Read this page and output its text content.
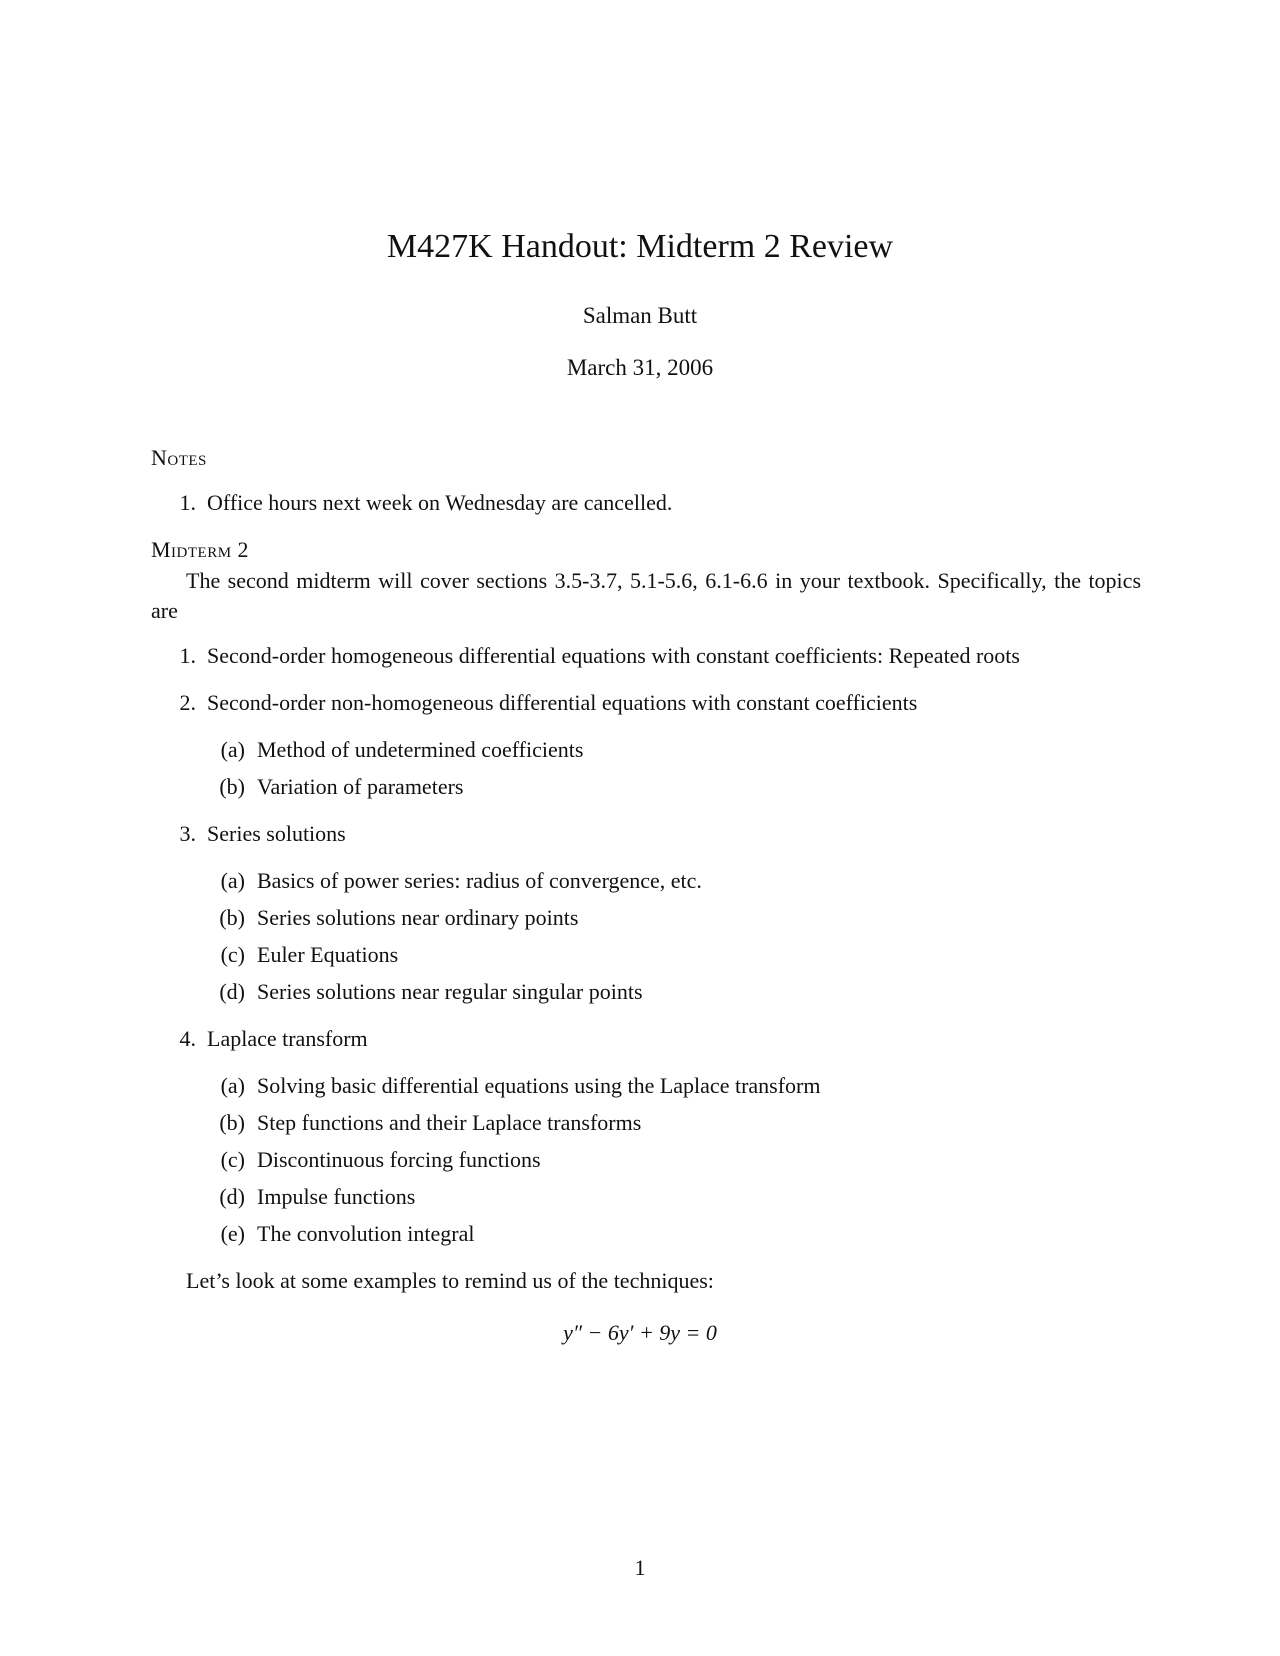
M427K Handout: Midterm 2 Review
Salman Butt
March 31, 2006
Notes
1. Office hours next week on Wednesday are cancelled.
Midterm 2
The second midterm will cover sections 3.5-3.7, 5.1-5.6, 6.1-6.6 in your textbook. Specifically, the topics are
1. Second-order homogeneous differential equations with constant coefficients: Repeated roots
2. Second-order non-homogeneous differential equations with constant coefficients
(a) Method of undetermined coefficients
(b) Variation of parameters
3. Series solutions
(a) Basics of power series: radius of convergence, etc.
(b) Series solutions near ordinary points
(c) Euler Equations
(d) Series solutions near regular singular points
4. Laplace transform
(a) Solving basic differential equations using the Laplace transform
(b) Step functions and their Laplace transforms
(c) Discontinuous forcing functions
(d) Impulse functions
(e) The convolution integral
Let’s look at some examples to remind us of the techniques:
y″ − 6y′ + 9y = 0
1
